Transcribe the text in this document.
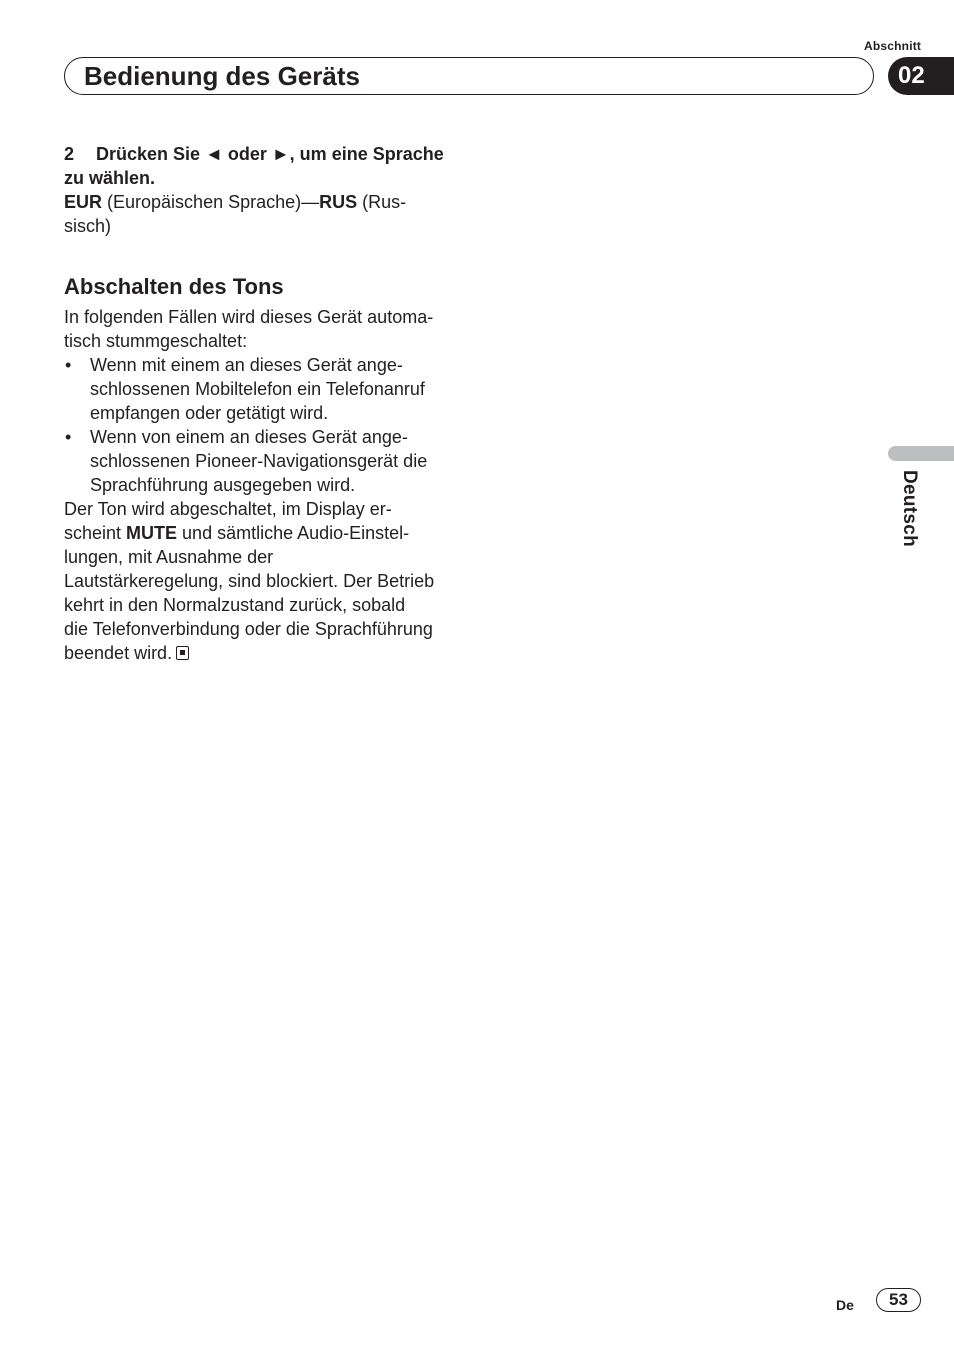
Abschnitt
Bedienung des Geräts	02

2 Drücken Sie ◄ oder ►, um eine Sprache
zu wählen.

EUR (Europäischen Sprache)—RUS (Rus-
sisch)

Abschalten des Tons

In folgenden Fällen wird dieses Gerät automa-
tisch stummgeschaltet:

• Wenn mit einem an dieses Gerät ange-
schlossenen Mobiltelefon ein Telefonanruf
empfangen oder getätigt wird.
• Wenn von einem an dieses Gerät ange-
schlossenen Pioneer-Navigationsgerät die
Sprachführung ausgegeben wird.

Der Ton wird abgeschaltet, im Display er-
scheint MUTE und sämtliche Audio-Einstel-
lungen, mit Ausnahme der
Lautstärkeregelung, sind blockiert. Der Betrieb
kehrt in den Normalzustand zurück, sobald
die Telefonverbindung oder die Sprachführung
beendet wird.

Deutsch
De	53
